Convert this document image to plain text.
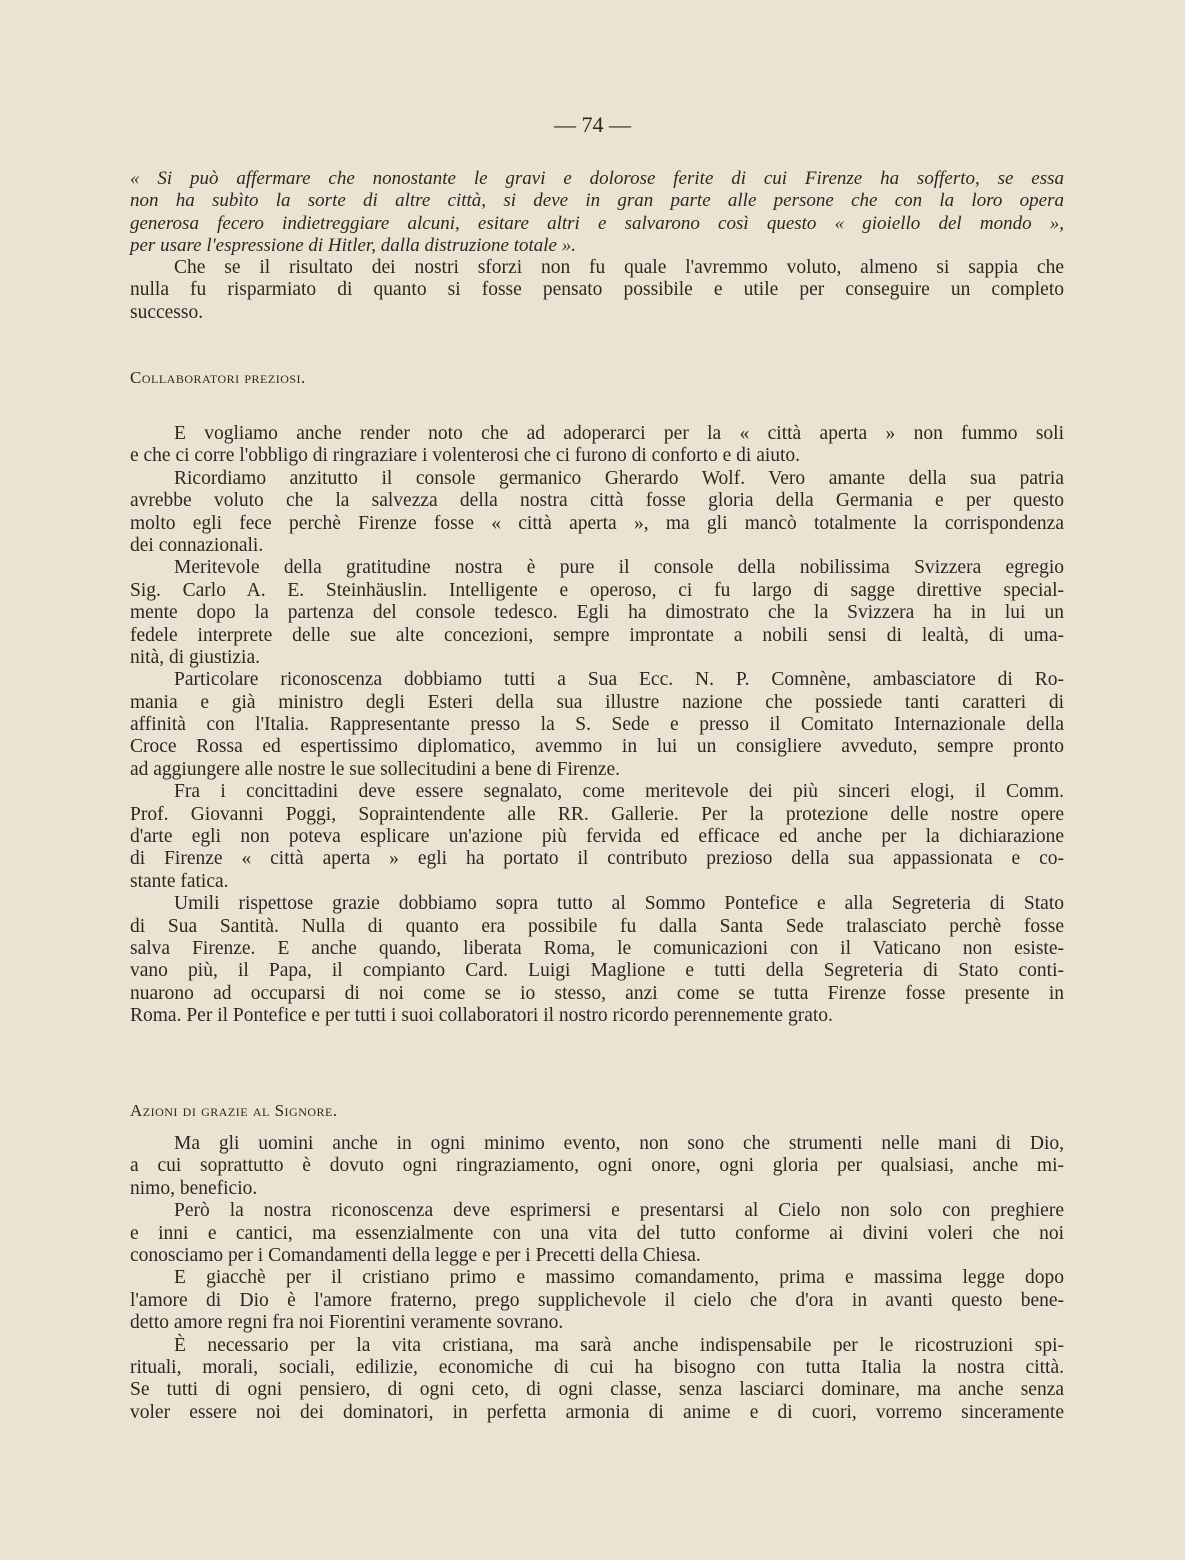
— 74 —
« Si può affermare che nonostante le gravi e dolorose ferite di cui Firenze ha sofferto, se essa
non ha subìto la sorte di altre città, si deve in gran parte alle persone che con la loro opera
generosa fecero indietreggiare alcuni, esitare altri e salvarono così questo « gioiello del mondo »,
per usare l'espressione di Hitler, dalla distruzione totale ».
Che se il risultato dei nostri sforzi non fu quale l'avremmo voluto, almeno si sappia che
nulla fu risparmiato di quanto si fosse pensato possibile e utile per conseguire un completo
successo.
Collaboratori preziosi.
E vogliamo anche render noto che ad adoperarci per la « città aperta » non fummo soli
e che ci corre l'obbligo di ringraziare i volenterosi che ci furono di conforto e di aiuto.
Ricordiamo anzitutto il console germanico Gherardo Wolf. Vero amante della sua patria
avrebbe voluto che la salvezza della nostra città fosse gloria della Germania e per questo
molto egli fece perchè Firenze fosse « città aperta », ma gli mancò totalmente la corrispondenza
dei connazionali.
Meritevole della gratitudine nostra è pure il console della nobilissima Svizzera egregio
Sig. Carlo A. E. Steinhäuslin. Intelligente e operoso, ci fu largo di sagge direttive special-
mente dopo la partenza del console tedesco. Egli ha dimostrato che la Svizzera ha in lui un
fedele interprete delle sue alte concezioni, sempre improntate a nobili sensi di lealtà, di uma-
nità, di giustizia.
Particolare riconoscenza dobbiamo tutti a Sua Ecc. N. P. Comnène, ambasciatore di Ro-
mania e già ministro degli Esteri della sua illustre nazione che possiede tanti caratteri di
affinità con l'Italia. Rappresentante presso la S. Sede e presso il Comitato Internazionale della
Croce Rossa ed espertissimo diplomatico, avemmo in lui un consigliere avveduto, sempre pronto
ad aggiungere alle nostre le sue sollecitudini a bene di Firenze.
Fra i concittadini deve essere segnalato, come meritevole dei più sinceri elogi, il Comm.
Prof. Giovanni Poggi, Sopraintendente alle RR. Gallerie. Per la protezione delle nostre opere
d'arte egli non poteva esplicare un'azione più fervida ed efficace ed anche per la dichiarazione
di Firenze « città aperta » egli ha portato il contributo prezioso della sua appassionata e co-
stante fatica.
Umili rispettose grazie dobbiamo sopra tutto al Sommo Pontefice e alla Segreteria di Stato
di Sua Santità. Nulla di quanto era possibile fu dalla Santa Sede tralasciato perchè fosse
salva Firenze. E anche quando, liberata Roma, le comunicazioni con il Vaticano non esiste-
vano più, il Papa, il compianto Card. Luigi Maglione e tutti della Segreteria di Stato conti-
nuarono ad occuparsi di noi come se io stesso, anzi come se tutta Firenze fosse presente in
Roma. Per il Pontefice e per tutti i suoi collaboratori il nostro ricordo perennemente grato.
Azioni di grazie al Signore.
Ma gli uomini anche in ogni minimo evento, non sono che strumenti nelle mani di Dio,
a cui soprattutto è dovuto ogni ringraziamento, ogni onore, ogni gloria per qualsiasi, anche mi-
nimo, beneficio.
Però la nostra riconoscenza deve esprimersi e presentarsi al Cielo non solo con preghiere
e inni e cantici, ma essenzialmente con una vita del tutto conforme ai divini voleri che noi
conosciamo per i Comandamenti della legge e per i Precetti della Chiesa.
E giacchè per il cristiano primo e massimo comandamento, prima e massima legge dopo
l'amore di Dio è l'amore fraterno, prego supplichevole il cielo che d'ora in avanti questo bene-
detto amore regni fra noi Fiorentini veramente sovrano.
È necessario per la vita cristiana, ma sarà anche indispensabile per le ricostruzioni spi-
rituali, morali, sociali, edilizie, economiche di cui ha bisogno con tutta Italia la nostra città.
Se tutti di ogni pensiero, di ogni ceto, di ogni classe, senza lasciarci dominare, ma anche senza
voler essere noi dei dominatori, in perfetta armonia di anime e di cuori, vorremo sinceramente
